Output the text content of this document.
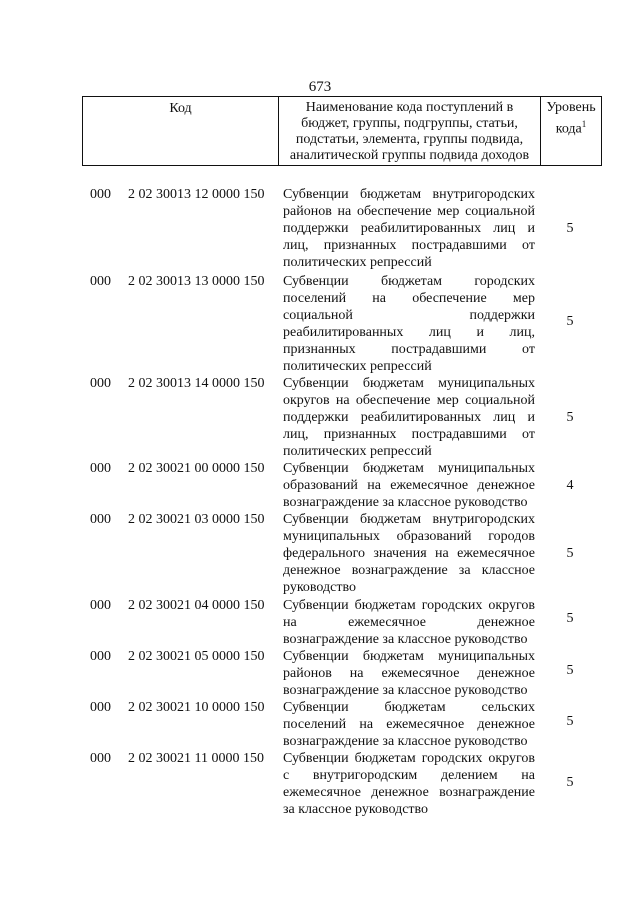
673
Код	Наименование кода поступлений в бюджет, группы, подгруппы, статьи, подстатьи, элемента, группы подвида, аналитической группы подвида доходов
Уровень кода$^1$
000 2 02 30013 12 0000 150 Субвенции бюджетам внутригородских районов на обеспечение мер социальной поддержки реабилитированных лиц и лиц, признанных пострадавшими от политических репрессий
5
000 2 02 30013 13 0000 150 Субвенции бюджетам городских поселений на обеспечение мер социальной поддержки реабилитированных лиц и лиц, признанных пострадавшими от политических репрессий
5
000 2 02 30013 14 0000 150 Субвенции бюджетам муниципальных округов на обеспечение мер социальной поддержки реабилитированных лиц и лиц, признанных пострадавшими от политических репрессий
5
000 2 02 30021 00 0000 150 Субвенции бюджетам муниципальных образований на ежемесячное денежное вознаграждение за классное руководство
4
000 2 02 30021 03 0000 150 Субвенции бюджетам внутригородских муниципальных образований городов федерального значения на ежемесячное денежное вознаграждение за классное руководство
5
000 2 02 30021 04 0000 150 Субвенции бюджетам городских округов на ежемесячное денежное вознаграждение за классное руководство
5
000 2 02 30021 05 0000 150 Субвенции бюджетам муниципальных районов на ежемесячное денежное вознаграждение за классное руководство
5
000 2 02 30021 10 0000 150 Субвенции бюджетам сельских поселений на ежемесячное денежное вознаграждение за классное руководство
5
000 2 02 30021 11 0000 150 Субвенции бюджетам городских округов с внутригородским делением на ежемесячное денежное вознаграждение за классное руководство
5
